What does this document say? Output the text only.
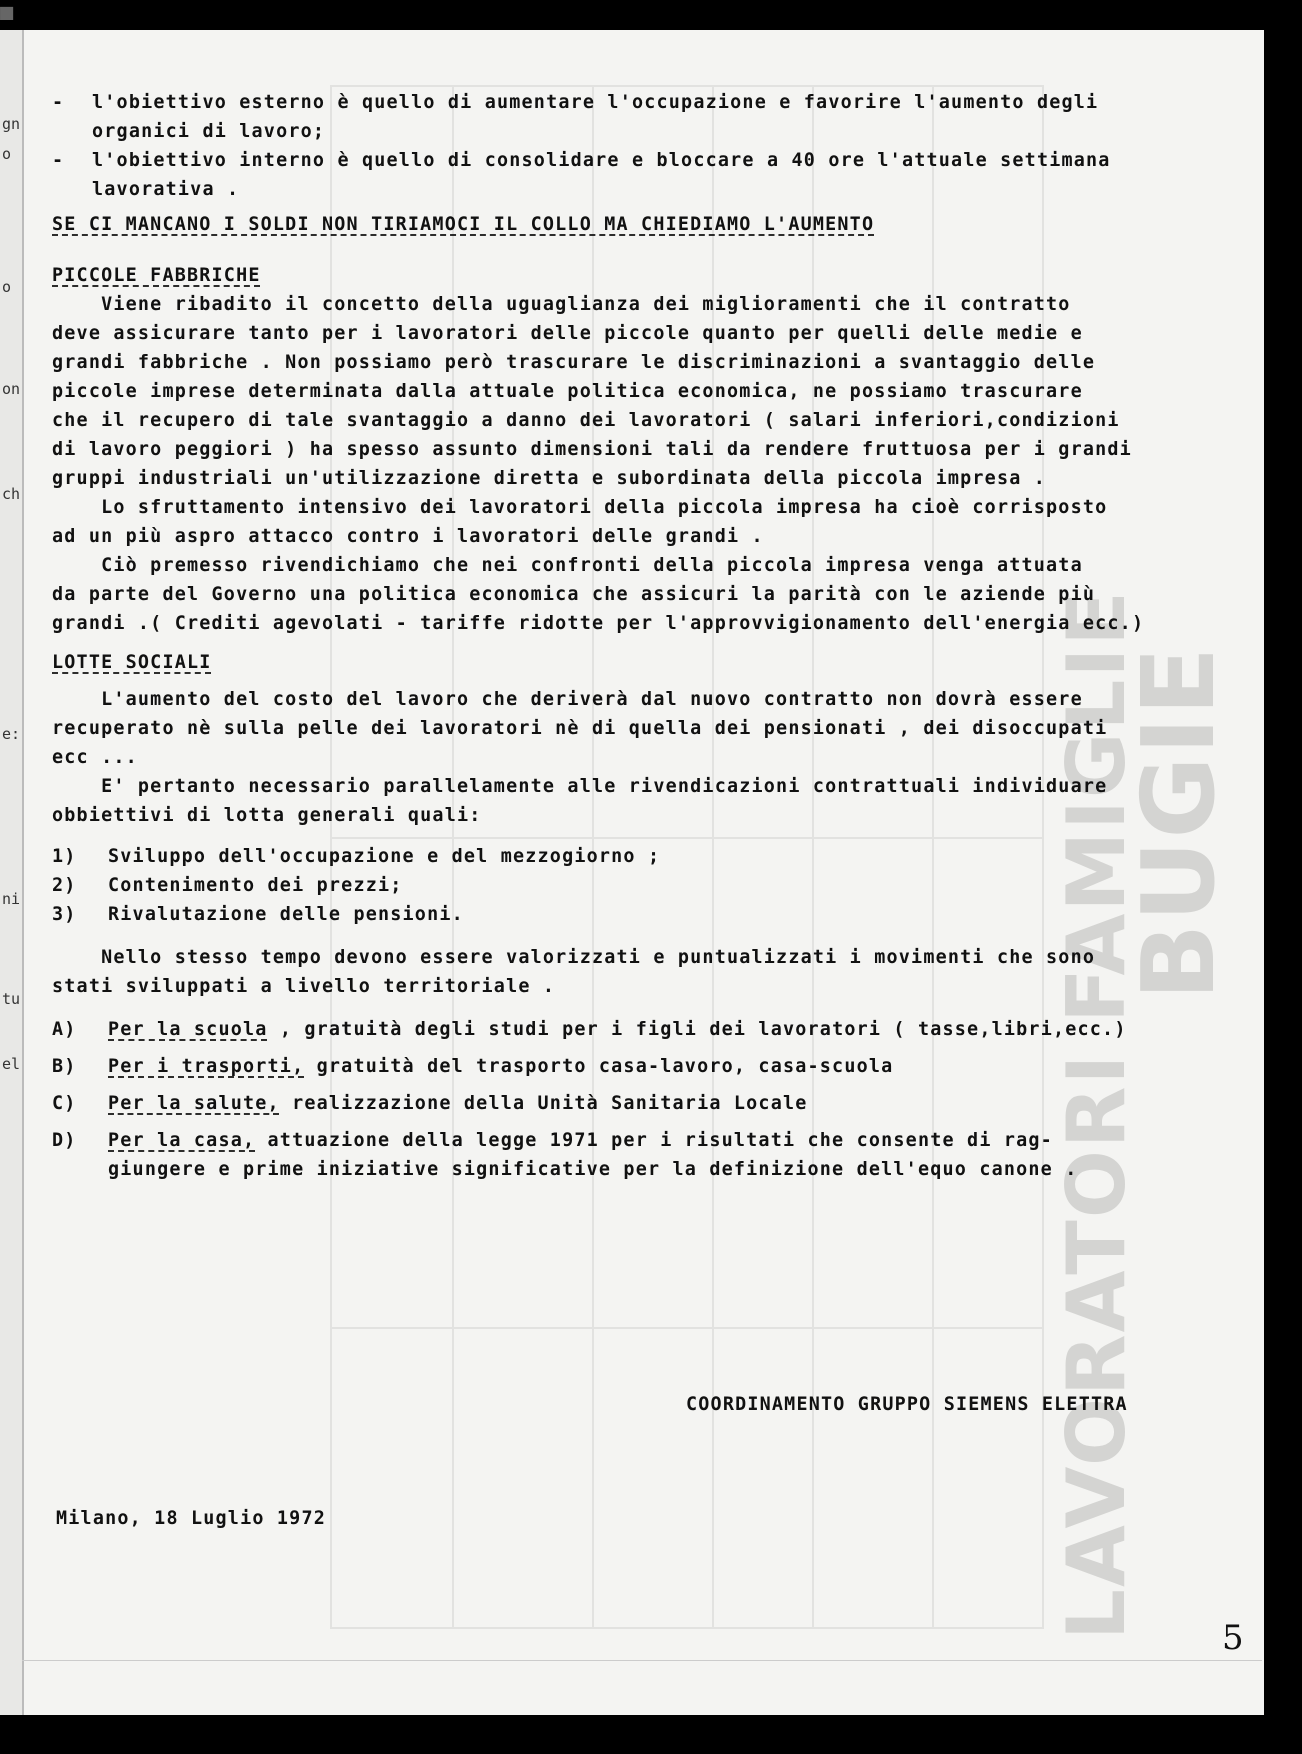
■
gn
o
o
on
ch
e:
ni
tu
el	LAVORATORI FAMIGLIE
BUGIE

- l'obiettivo esterno è quello di aumentare l'occupazione e favorire l'aumento degli

organici di lavoro;

- l'obiettivo interno è quello di consolidare e bloccare a 40 ore l'attuale settimana

lavorativa .

SE CI MANCANO I SOLDI NON TIRIAMOCI IL COLLO MA CHIEDIAMO L'AUMENTO

PICCOLE FABBRICHE

Viene ribadito il concetto della uguaglianza dei miglioramenti che il contratto

deve assicurare tanto per i lavoratori delle piccole quanto per quelli delle medie e

grandi fabbriche . Non possiamo però trascurare le discriminazioni a svantaggio delle

piccole imprese determinata dalla attuale politica economica, ne possiamo trascurare

che il recupero di tale svantaggio a danno dei lavoratori ( salari inferiori,condizioni

di lavoro peggiori ) ha spesso assunto dimensioni tali da rendere fruttuosa per i grandi

gruppi industriali un'utilizzazione diretta e subordinata della piccola impresa .

Lo sfruttamento intensivo dei lavoratori della piccola impresa ha cioè corrisposto

ad un più aspro attacco contro i lavoratori delle grandi .

Ciò premesso rivendichiamo che nei confronti della piccola impresa venga attuata

da parte del Governo una politica economica che assicuri la parità con le aziende più

grandi .( Crediti agevolati - tariffe ridotte per l'approvvigionamento dell'energia ecc.)

LOTTE SOCIALI

L'aumento del costo del lavoro che deriverà dal nuovo contratto non dovrà essere

recuperato nè sulla pelle dei lavoratori nè di quella dei pensionati , dei disoccupati

ecc ...

E' pertanto necessario parallelamente alle rivendicazioni contrattuali individuare

obbiettivi di lotta generali quali:

1) Sviluppo dell'occupazione e del mezzogiorno ;

2) Contenimento dei prezzi;

3) Rivalutazione delle pensioni.

Nello stesso tempo devono essere valorizzati e puntualizzati i movimenti che sono

stati sviluppati a livello territoriale .

A) Per la scuola , gratuità degli studi per i figli dei lavoratori ( tasse,libri,ecc.)

B) Per i trasporti, gratuità del trasporto casa-lavoro, casa-scuola

C) Per la salute, realizzazione della Unità Sanitaria Locale

D) Per la casa, attuazione della legge 1971 per i risultati che consente di rag-

giungere e prime iniziative significative per la definizione dell'equo canone .

COORDINAMENTO GRUPPO SIEMENS ELETTRA
Milano, 18 Luglio 1972
5
